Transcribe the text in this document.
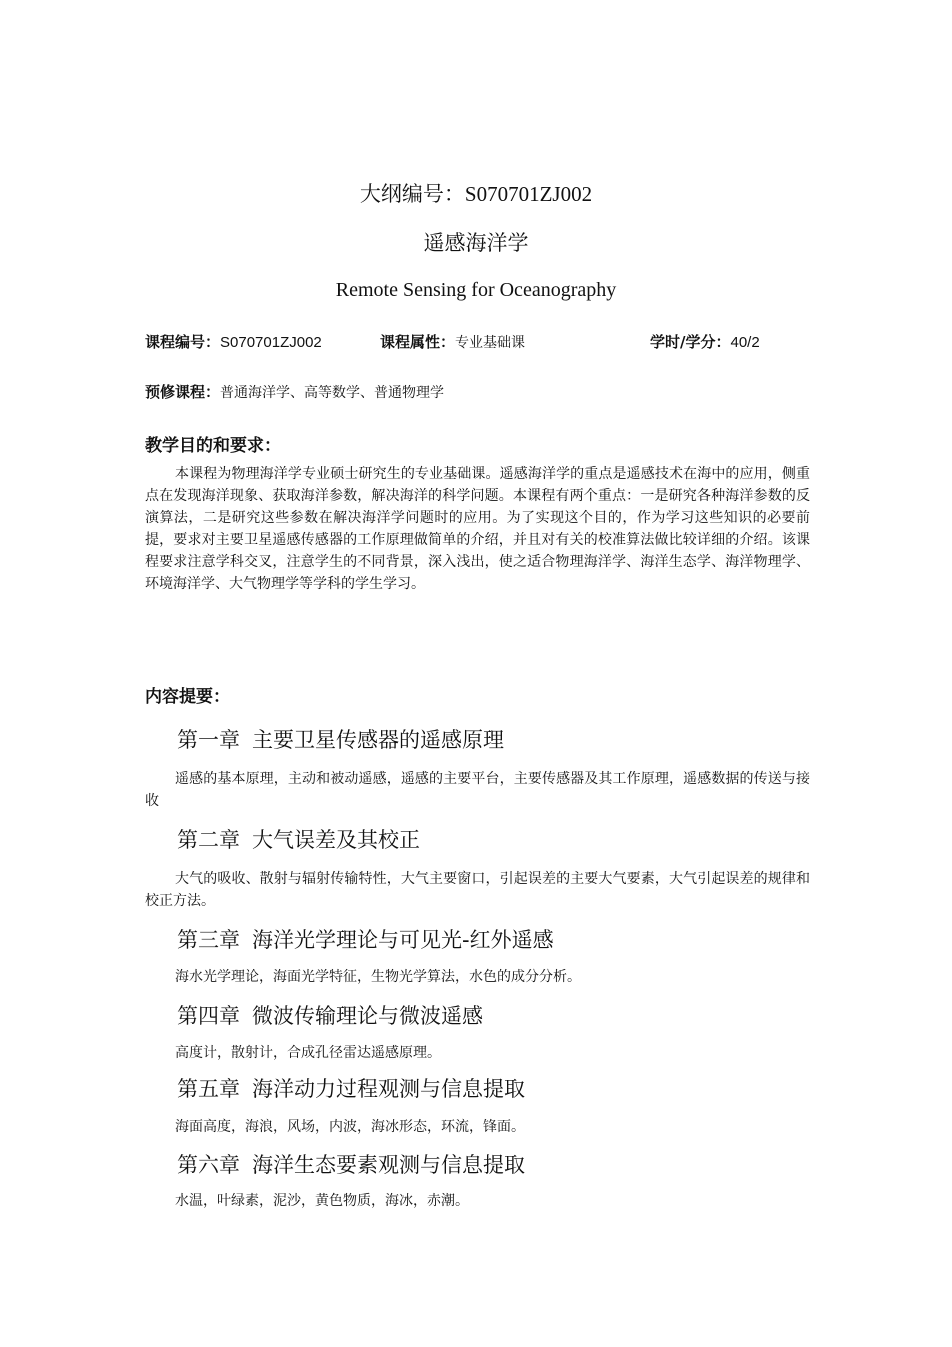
大纲编号：S070701ZJ002
遥感海洋学
Remote Sensing for Oceanography
课程编号：S070701ZJ002	课程属性：专业基础课	学时/学分：40/2
预修课程：普通海洋学、高等数学、普通物理学
教学目的和要求：
本课程为物理海洋学专业硕士研究生的专业基础课。遥感海洋学的重点是遥感技术在海中的应用，侧重点在发现海洋现象、获取海洋参数，解决海洋的科学问题。本课程有两个重点：一是研究各种海洋参数的反演算法，二是研究这些参数在解决海洋学问题时的应用。为了实现这个目的，作为学习这些知识的必要前提，要求对主要卫星遥感传感器的工作原理做简单的介绍，并且对有关的校准算法做比较详细的介绍。该课程要求注意学科交叉，注意学生的不同背景，深入浅出，使之适合物理海洋学、海洋生态学、海洋物理学、环境海洋学、大气物理学等学科的学生学习。
内容提要：
第一章 主要卫星传感器的遥感原理
遥感的基本原理，主动和被动遥感，遥感的主要平台，主要传感器及其工作原理，遥感数据的传送与接收
第二章 大气误差及其校正
大气的吸收、散射与辐射传输特性，大气主要窗口，引起误差的主要大气要素，大气引起误差的规律和校正方法。
第三章 海洋光学理论与可见光-红外遥感
海水光学理论，海面光学特征，生物光学算法，水色的成分分析。
第四章 微波传输理论与微波遥感
高度计，散射计，合成孔径雷达遥感原理。
第五章 海洋动力过程观测与信息提取
海面高度，海浪，风场，内波，海冰形态，环流，锋面。
第六章 海洋生态要素观测与信息提取
水温，叶绿素，泥沙，黄色物质，海冰，赤潮。
